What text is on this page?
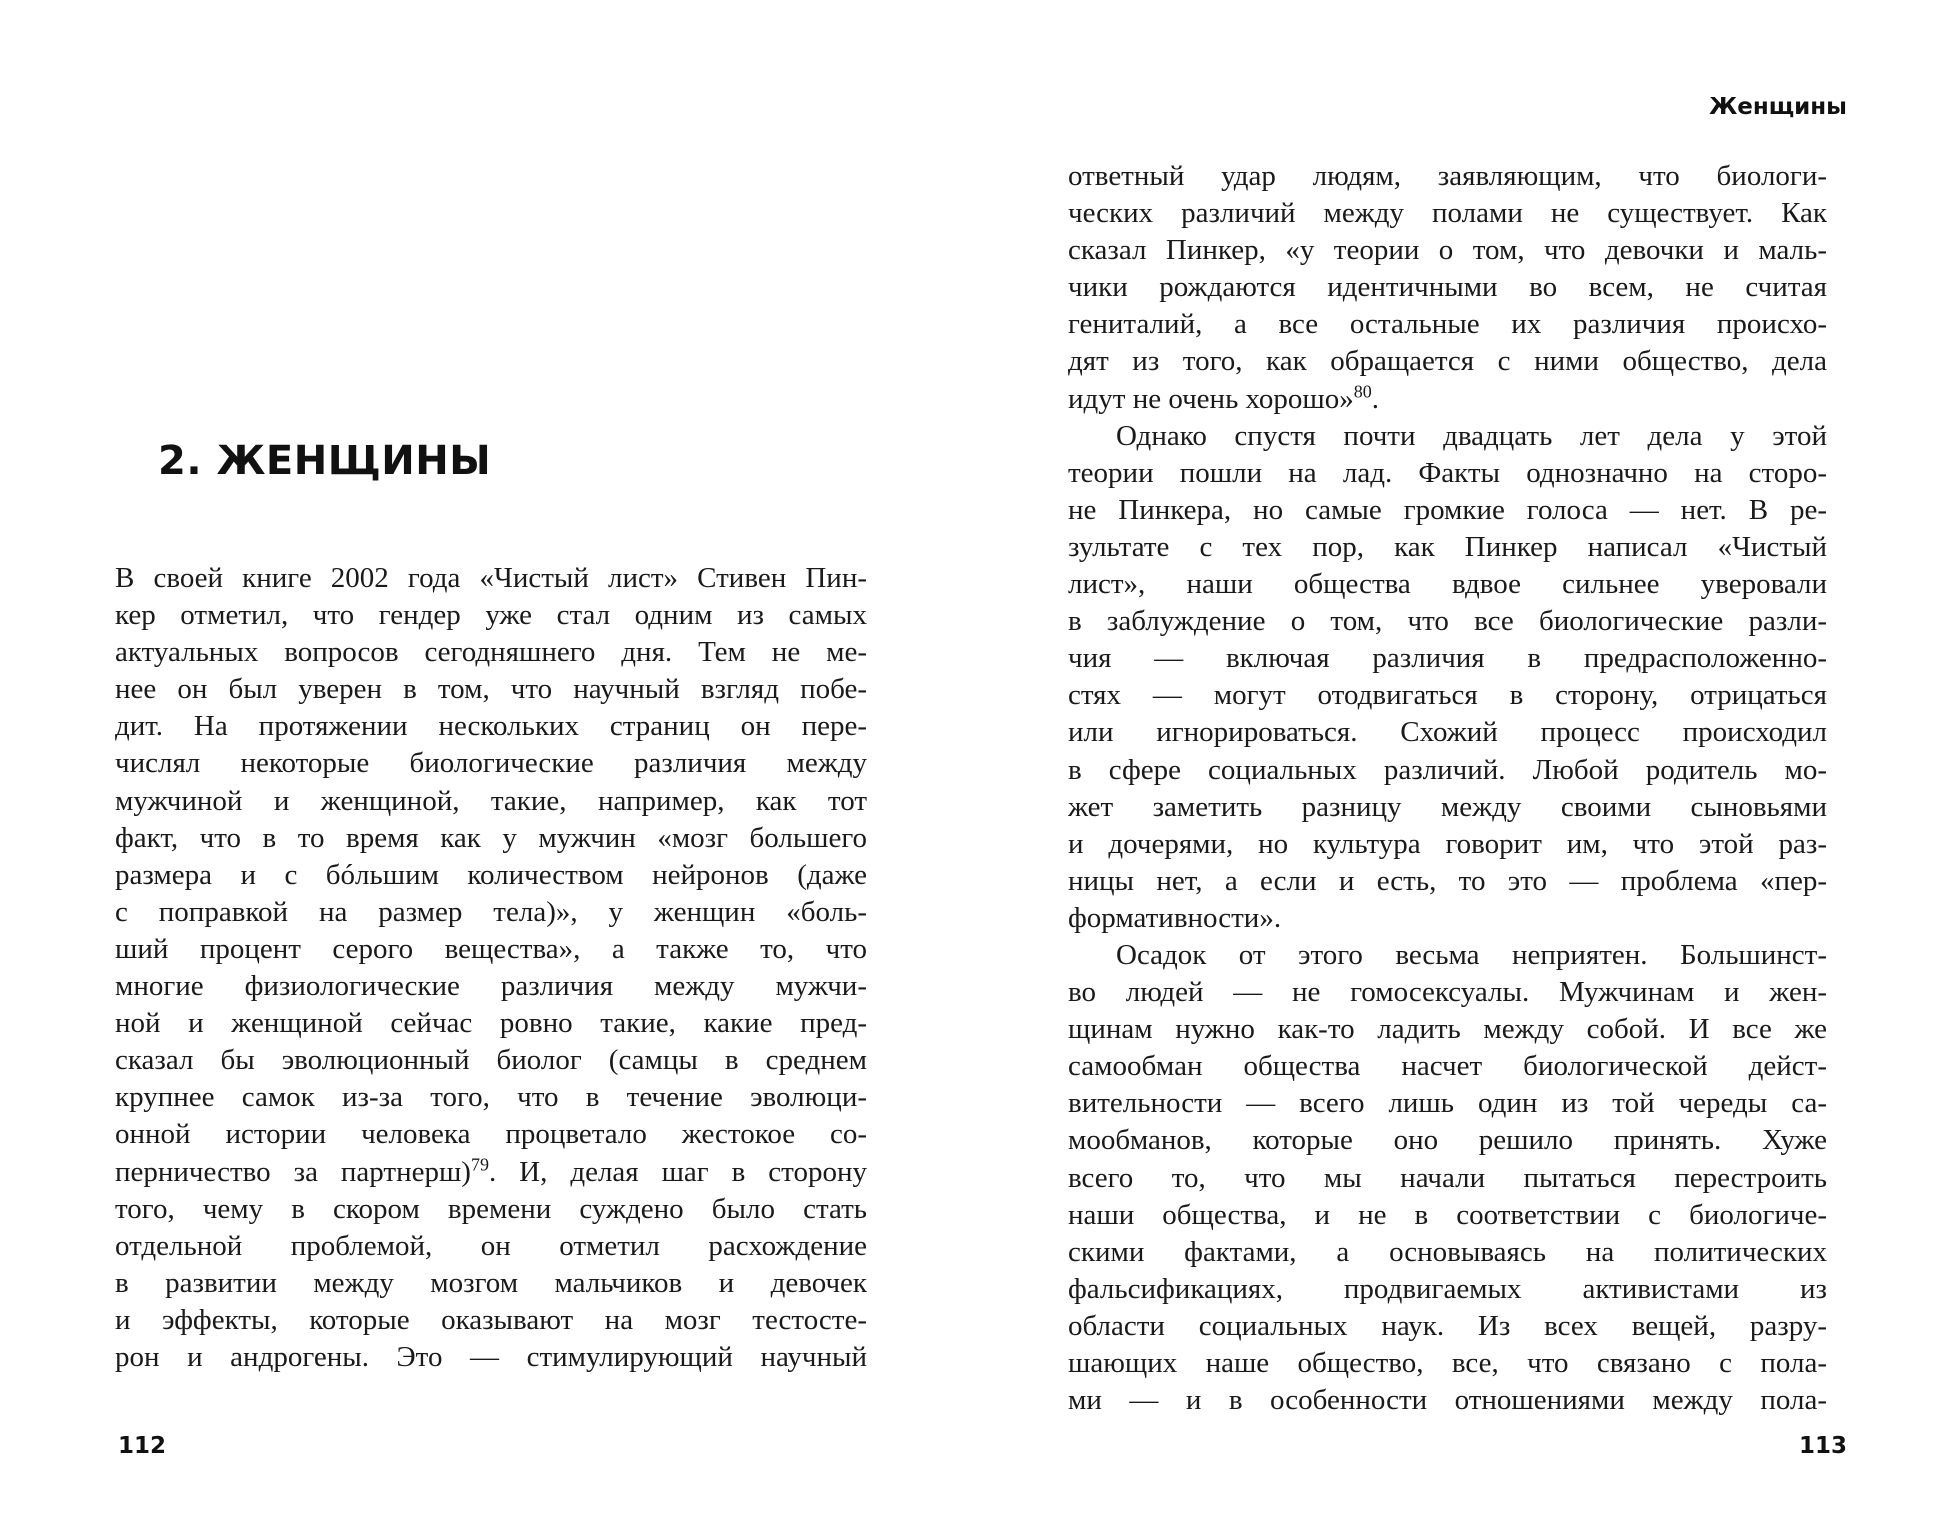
2. ЖЕНЩИНЫ
В своей книге 2002 года «Чистый лист» Стивен Пин-
кер отметил, что гендер уже стал одним из самых
актуальных вопросов сегодняшнего дня. Тем не ме-
нее он был уверен в том, что научный взгляд побе-
дит. На протяжении нескольких страниц он пере-
числял некоторые биологические различия между
мужчиной и женщиной, такие, например, как тот
факт, что в то время как у мужчин «мозг большего
размера и с бóльшим количеством нейронов (даже
с поправкой на размер тела)», у женщин «боль-
ший процент серого вещества», а также то, что
многие физиологические различия между мужчи-
ной и женщиной сейчас ровно такие, какие пред-
сказал бы эволюционный биолог (самцы в среднем
крупнее самок из-за того, что в течение эволюци-
онной истории человека процветало жестокое со-
перничество за партнерш)$^{79}$. И, делая шаг в сторону
того, чему в скором времени суждено было стать
отдельной проблемой, он отметил расхождение
в развитии между мозгом мальчиков и девочек
и эффекты, которые оказывают на мозг тестосте-
рон и андрогены. Это — стимулирующий научный
112
Женщины
ответный удар людям, заявляющим, что биологи-
ческих различий между полами не существует. Как
сказал Пинкер, «у теории о том, что девочки и маль-
чики рождаются идентичными во всем, не считая
гениталий, а все остальные их различия происхо-
дят из того, как обращается с ними общество, дела
идут не очень хорошо»$^{80}$.
Однако спустя почти двадцать лет дела у этой
теории пошли на лад. Факты однозначно на сторо-
не Пинкера, но самые громкие голоса — нет. В ре-
зультате с тех пор, как Пинкер написал «Чистый
лист», наши общества вдвое сильнее уверовали
в заблуждение о том, что все биологические разли-
чия — включая различия в предрасположенно-
стях — могут отодвигаться в сторону, отрицаться
или игнорироваться. Схожий процесс происходил
в сфере социальных различий. Любой родитель мо-
жет заметить разницу между своими сыновьями
и дочерями, но культура говорит им, что этой раз-
ницы нет, а если и есть, то это — проблема «пер-
формативности».
Осадок от этого весьма неприятен. Большинст-
во людей — не гомосексуалы. Мужчинам и жен-
щинам нужно как-то ладить между собой. И все же
самообман общества насчет биологической дейст-
вительности — всего лишь один из той череды са-
мообманов, которые оно решило принять. Хуже
всего то, что мы начали пытаться перестроить
наши общества, и не в соответствии с биологиче-
скими фактами, а основываясь на политических
фальсификациях, продвигаемых активистами из
области социальных наук. Из всех вещей, разру-
шающих наше общество, все, что связано с пола-
ми — и в особенности отношениями между пола-
113
